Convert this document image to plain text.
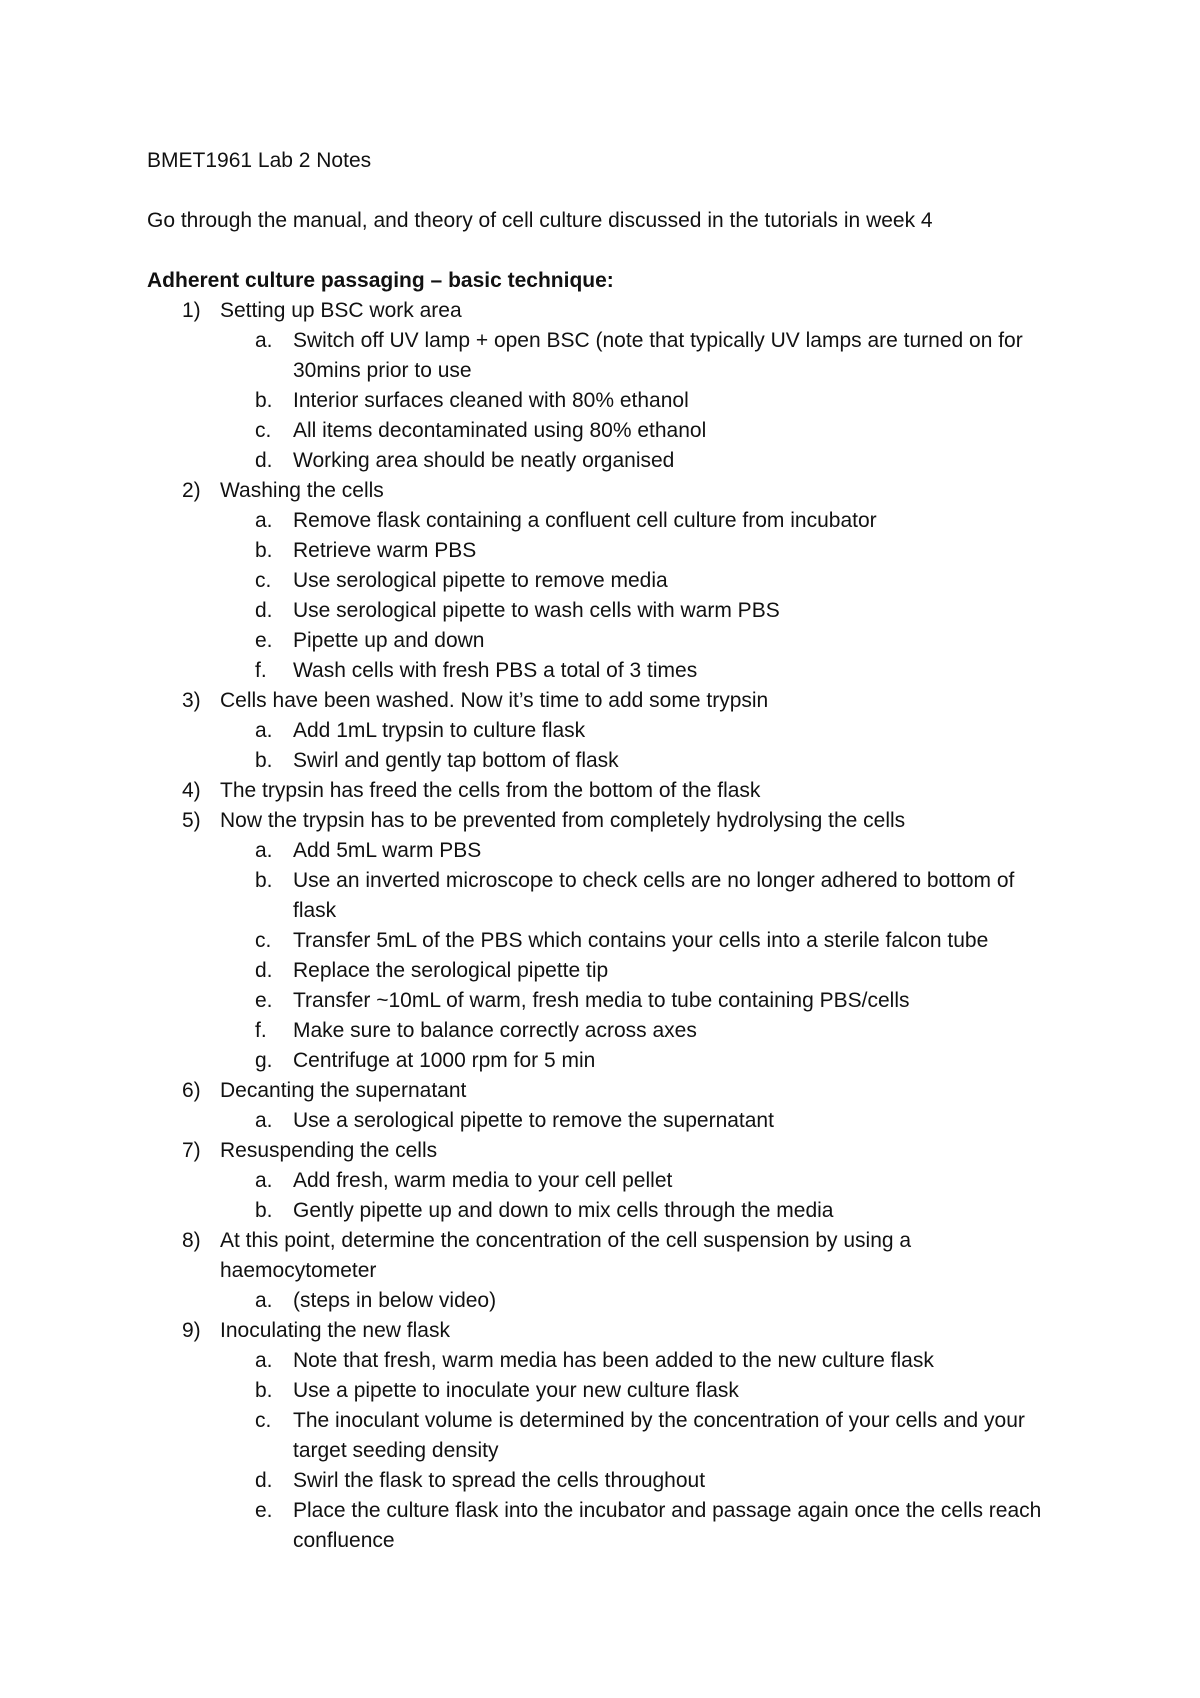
BMET1961 Lab 2 Notes

Go through the manual, and theory of cell culture discussed in the tutorials in week 4

Adherent culture passaging – basic technique:

1) Setting up BSC work area
a. Switch off UV lamp + open BSC (note that typically UV lamps are turned on for 30mins prior to use
b. Interior surfaces cleaned with 80% ethanol
c. All items decontaminated using 80% ethanol
d. Working area should be neatly organised
2) Washing the cells
a. Remove flask containing a confluent cell culture from incubator
b. Retrieve warm PBS
c. Use serological pipette to remove media
d. Use serological pipette to wash cells with warm PBS
e. Pipette up and down
f. Wash cells with fresh PBS a total of 3 times
3) Cells have been washed. Now it’s time to add some trypsin
a. Add 1mL trypsin to culture flask
b. Swirl and gently tap bottom of flask
4) The trypsin has freed the cells from the bottom of the flask
5) Now the trypsin has to be prevented from completely hydrolysing the cells
a. Add 5mL warm PBS
b. Use an inverted microscope to check cells are no longer adhered to bottom of flask
c. Transfer 5mL of the PBS which contains your cells into a sterile falcon tube
d. Replace the serological pipette tip
e. Transfer ~10mL of warm, fresh media to tube containing PBS/cells
f. Make sure to balance correctly across axes
g. Centrifuge at 1000 rpm for 5 min
6) Decanting the supernatant
a. Use a serological pipette to remove the supernatant
7) Resuspending the cells
a. Add fresh, warm media to your cell pellet
b. Gently pipette up and down to mix cells through the media
8) At this point, determine the concentration of the cell suspension by using a haemocytometer
a. (steps in below video)
9) Inoculating the new flask
a. Note that fresh, warm media has been added to the new culture flask
b. Use a pipette to inoculate your new culture flask
c. The inoculant volume is determined by the concentration of your cells and your target seeding density
d. Swirl the flask to spread the cells throughout
e. Place the culture flask into the incubator and passage again once the cells reach confluence
